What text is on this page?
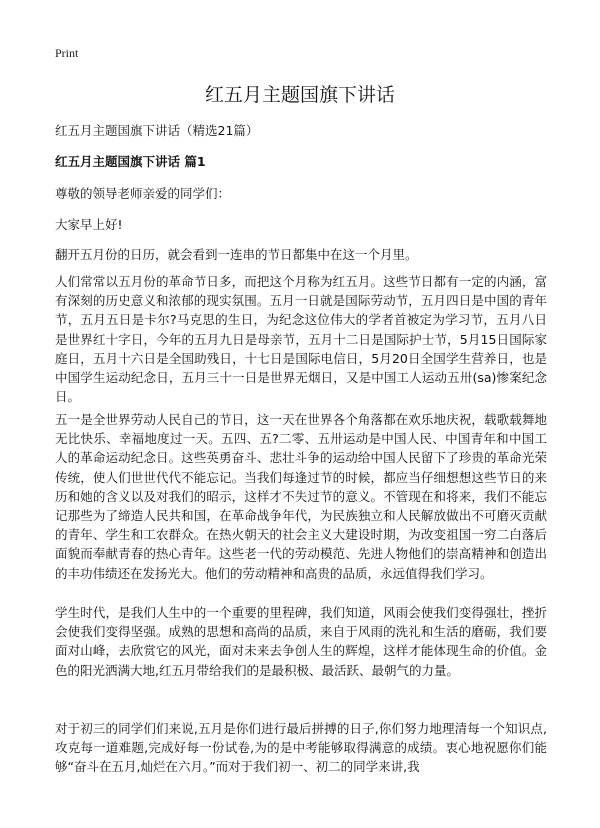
Print
红五月主题国旗下讲话

红五月主题国旗下讲话（精选21篇）

红五月主题国旗下讲话 篇1

尊敬的领导老师亲爱的同学们：

大家早上好!

翻开五月份的日历，就会看到一连串的节日都集中在这一个月里。

人们常常以五月份的革命节日多，而把这个月称为红五月。这些节日都有一定的内涵，富有深刻的历史意义和浓郁的现实氛围。五月一日就是国际劳动节，五月四日是中国的青年节，五月五日是卡尔?马克思的生日，为纪念这位伟大的学者首被定为学习节，五月八日是世界红十字日，今年的五月九日是母亲节，五月十二日是国际护士节，5月15日国际家庭日，五月十六日是全国助残日，十七日是国际电信日，5月20日全国学生营养日，也是中国学生运动纪念日，五月三十一日是世界无烟日，又是中国工人运动五卅(sa)惨案纪念日。

五一是全世界劳动人民自己的节日，这一天在世界各个角落都在欢乐地庆祝，载歌载舞地无比快乐、幸福地度过一天。五四、五?二零、五卅运动是中国人民、中国青年和中国工人的革命运动纪念日。这些英勇奋斗、悲壮斗争的运动给中国人民留下了珍贵的革命光荣传统，使人们世世代代不能忘记。当我们每逢过节的时候，都应当仔细想想这些节日的来历和她的含义以及对我们的昭示，这样才不失过节的意义。不管现在和将来，我们不能忘记那些为了缔造人民共和国，在革命战争年代，为民族独立和人民解放做出不可磨灭贡献的青年、学生和工农群众。在热火朝天的社会主义大建设时期，为改变祖国一穷二白落后面貌而奉献青春的热心青年。这些老一代的劳动模范、先进人物他们的崇高精神和创造出的丰功伟绩还在发扬光大。他们的劳动精神和高贵的品质，永远值得我们学习。

学生时代，是我们人生中的一个重要的里程碑，我们知道，风雨会使我们变得强壮，挫折会使我们变得坚强。成熟的思想和高尚的品质，来自于风雨的洗礼和生活的磨砺，我们要面对山峰，去欣赏它的风光，面对未来去争创人生的辉煌，这样才能体现生命的价值。金色的阳光洒满大地,红五月带给我们的是最积极、最活跃、最朝气的力量。

对于初三的同学们们来说,五月是你们进行最后拼搏的日子,你们努力地理清每一个知识点,攻克每一道难题,完成好每一份试卷,为的是中考能够取得满意的成绩。衷心地祝愿你们能够“奋斗在五月,灿烂在六月。”而对于我们初一、初二的同学来讲,我
